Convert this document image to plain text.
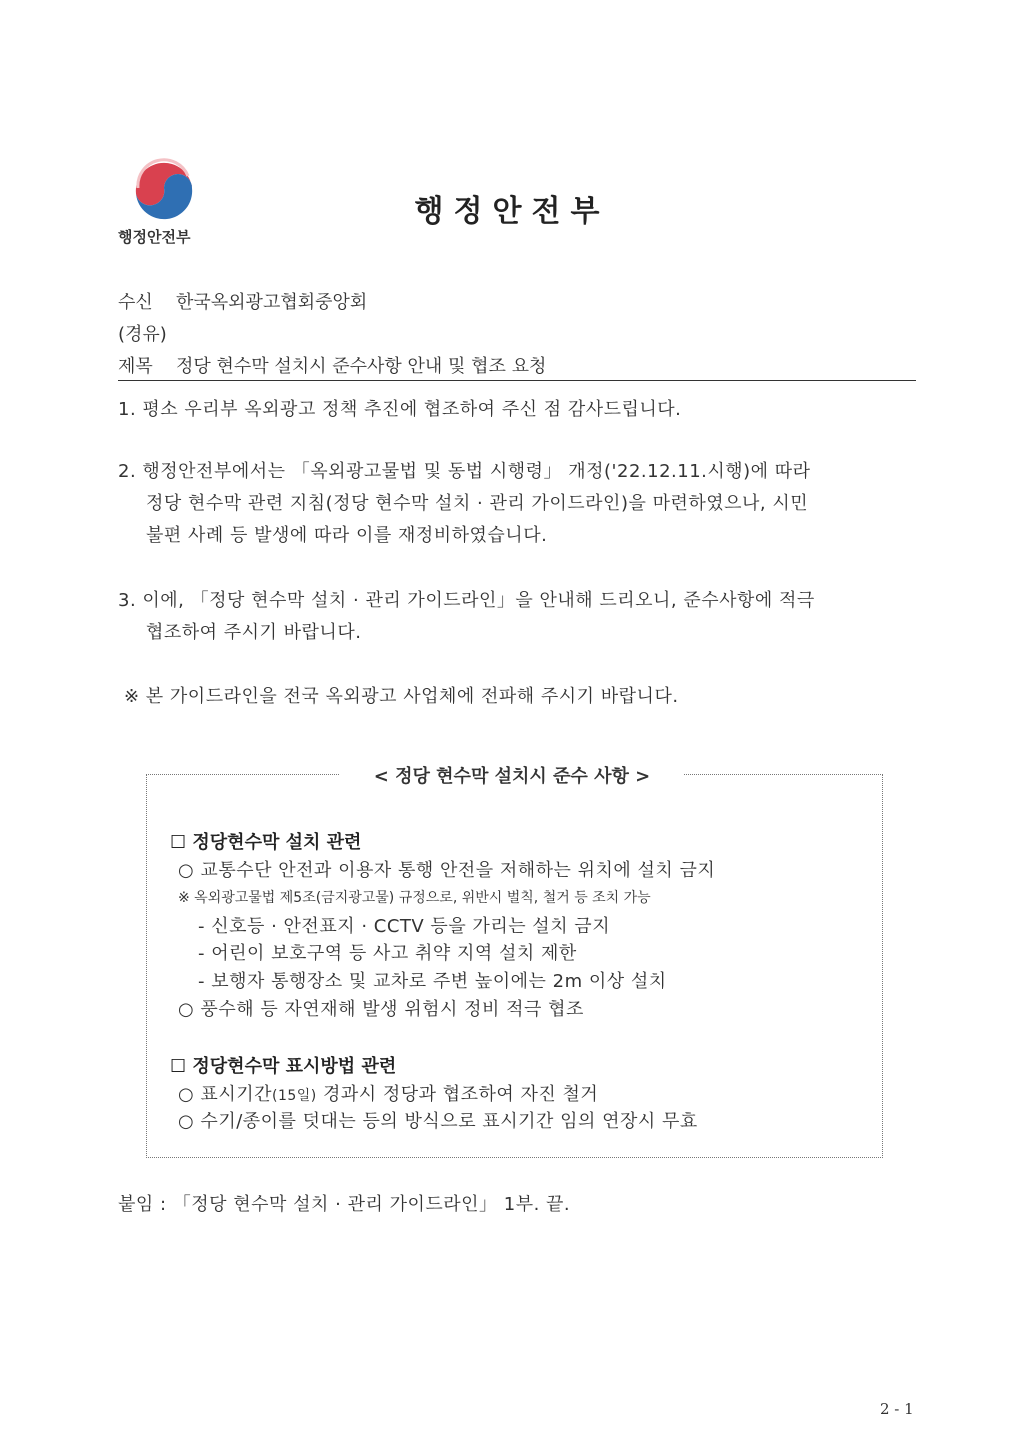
행정안전부
행정안전부
수신 한국옥외광고협회중앙회
(경유)
제목 정당 현수막 설치시 준수사항 안내 및 협조 요청
1. 평소 우리부 옥외광고 정책 추진에 협조하여 주신 점 감사드립니다.
2. 행정안전부에서는 「옥외광고물법 및 동법 시행령」 개정('22.12.11.시행)에 따라
정당 현수막 관련 지침(정당 현수막 설치 · 관리 가이드라인)을 마련하였으나, 시민
불편 사례 등 발생에 따라 이를 재정비하였습니다.
3. 이에, 「정당 현수막 설치 · 관리 가이드라인」을 안내해 드리오니, 준수사항에 적극
협조하여 주시기 바랍니다.
※ 본 가이드라인을 전국 옥외광고 사업체에 전파해 주시기 바랍니다.
< 정당 현수막 설치시 준수 사항 >
☐ 정당현수막 설치 관련
○ 교통수단 안전과 이용자 통행 안전을 저해하는 위치에 설치 금지
※ 옥외광고물법 제5조(금지광고물) 규정으로, 위반시 벌칙, 철거 등 조치 가능
- 신호등 · 안전표지 · CCTV 등을 가리는 설치 금지
- 어린이 보호구역 등 사고 취약 지역 설치 제한
- 보행자 통행장소 및 교차로 주변 높이에는 2m 이상 설치
○ 풍수해 등 자연재해 발생 위험시 정비 적극 협조
☐ 정당현수막 표시방법 관련
○ 표시기간(15일) 경과시 정당과 협조하여 자진 철거
○ 수기/종이를 덧대는 등의 방식으로 표시기간 임의 연장시 무효
붙임 : 「정당 현수막 설치 · 관리 가이드라인」 1부. 끝.
2 - 1
